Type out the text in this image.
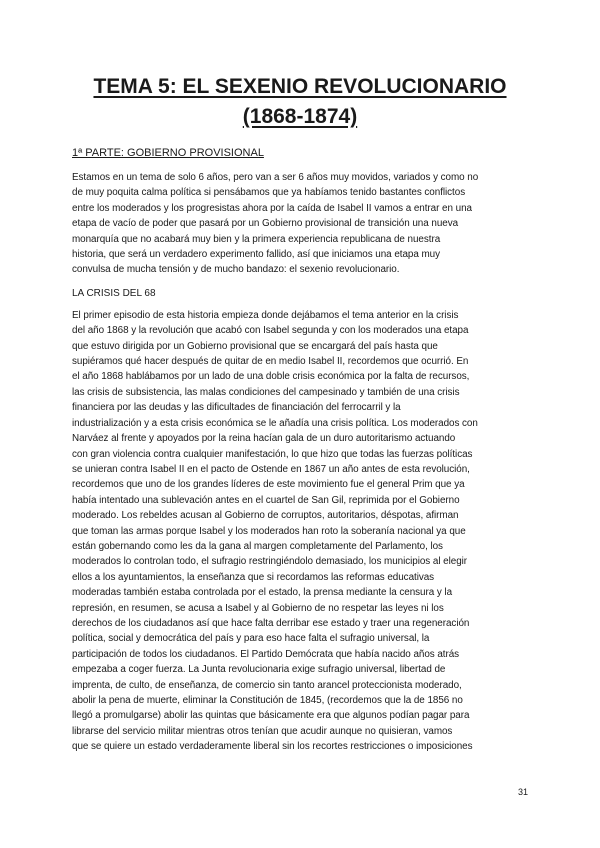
TEMA 5: EL SEXENIO REVOLUCIONARIO
(1868-1874)
1ª PARTE: GOBIERNO PROVISIONAL
Estamos en un tema de solo 6 años, pero van a ser 6 años muy movidos, variados y como no
de muy poquita calma política si pensábamos que ya habíamos tenido bastantes conflictos
entre los moderados y los progresistas ahora por la caída de Isabel II vamos a entrar en una
etapa de vacío de poder que pasará por un Gobierno provisional de transición una nueva
monarquía que no acabará muy bien y la primera experiencia republicana de nuestra
historia, que será un verdadero experimento fallido, así que iniciamos una etapa muy
convulsa de mucha tensión y de mucho bandazo: el sexenio revolucionario.
LA CRISIS DEL 68
El primer episodio de esta historia empieza donde dejábamos el tema anterior en la crisis
del año 1868 y la revolución que acabó con Isabel segunda y con los moderados una etapa
que estuvo dirigida por un Gobierno provisional que se encargará del país hasta que
supiéramos qué hacer después de quitar de en medio Isabel II, recordemos que ocurrió. En
el año 1868 hablábamos por un lado de una doble crisis económica por la falta de recursos,
las crisis de subsistencia, las malas condiciones del campesinado y también de una crisis
financiera por las deudas y las dificultades de financiación del ferrocarril y la
industrialización y a esta crisis económica se le añadía una crisis política. Los moderados con
Narváez al frente y apoyados por la reina hacían gala de un duro autoritarismo actuando
con gran violencia contra cualquier manifestación, lo que hizo que todas las fuerzas políticas
se unieran contra Isabel II en el pacto de Ostende en 1867 un año antes de esta revolución,
recordemos que uno de los grandes líderes de este movimiento fue el general Prim que ya
había intentado una sublevación antes en el cuartel de San Gil, reprimida por el Gobierno
moderado. Los rebeldes acusan al Gobierno de corruptos, autoritarios, déspotas, afirman
que toman las armas porque Isabel y los moderados han roto la soberanía nacional ya que
están gobernando como les da la gana al margen completamente del Parlamento, los
moderados lo controlan todo, el sufragio restringiéndolo demasiado, los municipios al elegir
ellos a los ayuntamientos, la enseñanza que si recordamos las reformas educativas
moderadas también estaba controlada por el estado, la prensa mediante la censura y la
represión, en resumen, se acusa a Isabel y al Gobierno de no respetar las leyes ni los
derechos de los ciudadanos así que hace falta derribar ese estado y traer una regeneración
política, social y democrática del país y para eso hace falta el sufragio universal, la
participación de todos los ciudadanos. El Partido Demócrata que había nacido años atrás
empezaba a coger fuerza. La Junta revolucionaria exige sufragio universal, libertad de
imprenta, de culto, de enseñanza, de comercio sin tanto arancel proteccionista moderado,
abolir la pena de muerte, eliminar la Constitución de 1845, (recordemos que la de 1856 no
llegó a promulgarse) abolir las quintas que básicamente era que algunos podían pagar para
librarse del servicio militar mientras otros tenían que acudir aunque no quisieran, vamos
que se quiere un estado verdaderamente liberal sin los recortes restricciones o imposiciones
31
